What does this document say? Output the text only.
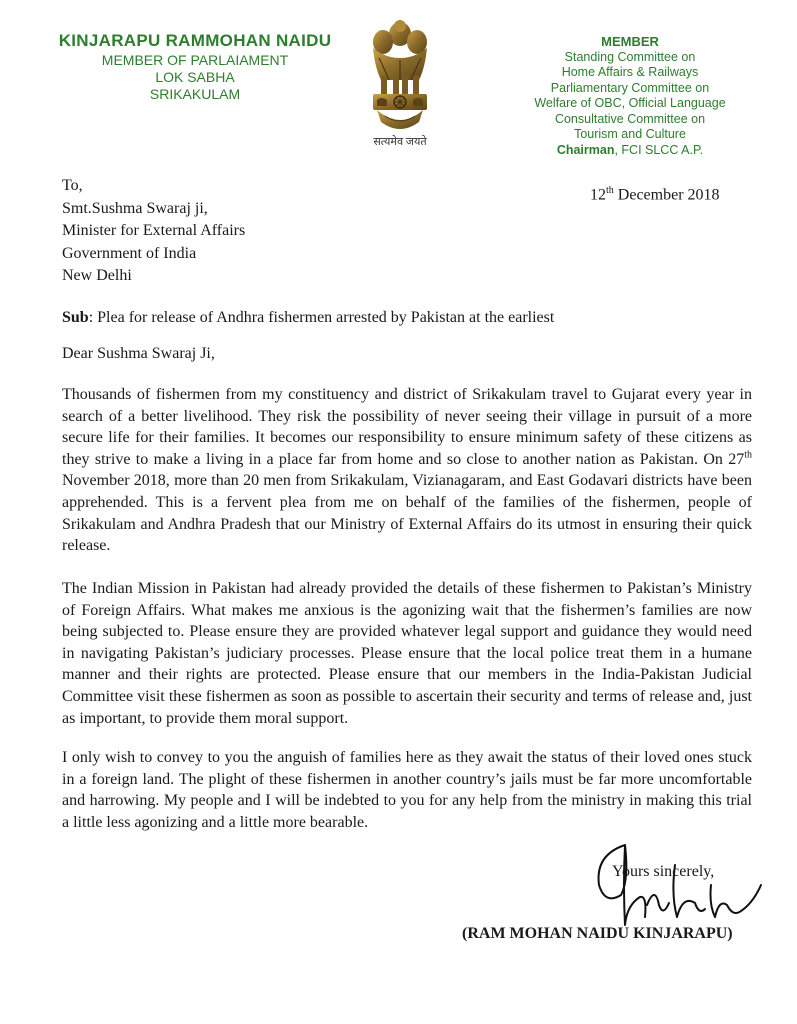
KINJARAPU RAMMOHAN NAIDU
MEMBER OF PARLAIAMENT
LOK SABHA
SRIKAKULAM
सत्यमेव जयते
MEMBER
Standing Committee on
Home Affairs & Railways
Parliamentary Committee on
Welfare of OBC, Official Language
Consultative Committee on
Tourism and Culture
Chairman, FCI SLCC A.P.
12th December 2018
To,
Smt.Sushma Swaraj ji,
Minister for External Affairs
Government of India
New Delhi
Sub: Plea for release of Andhra fishermen arrested by Pakistan at the earliest
Dear Sushma Swaraj Ji,
Thousands of fishermen from my constituency and district of Srikakulam travel to Gujarat every year in search of a better livelihood. They risk the possibility of never seeing their village in pursuit of a more secure life for their families. It becomes our responsibility to ensure minimum safety of these citizens as they strive to make a living in a place far from home and so close to another nation as Pakistan. On 27th November 2018, more than 20 men from Srikakulam, Vizianagaram, and East Godavari districts have been apprehended. This is a fervent plea from me on behalf of the families of the fishermen, people of Srikakulam and Andhra Pradesh that our Ministry of External Affairs do its utmost in ensuring their quick release.
The Indian Mission in Pakistan had already provided the details of these fishermen to Pakistan’s Ministry of Foreign Affairs. What makes me anxious is the agonizing wait that the fishermen’s families are now being subjected to. Please ensure they are provided whatever legal support and guidance they would need in navigating Pakistan’s judiciary processes. Please ensure that the local police treat them in a humane manner and their rights are protected. Please ensure that our members in the India-Pakistan Judicial Committee visit these fishermen as soon as possible to ascertain their security and terms of release and, just as important, to provide them moral support.
I only wish to convey to you the anguish of families here as they await the status of their loved ones stuck in a foreign land. The plight of these fishermen in another country’s jails must be far more uncomfortable and harrowing. My people and I will be indebted to you for any help from the ministry in making this trial a little less agonizing and a little more bearable.
Yours sincerely,
(RAM MOHAN NAIDU KINJARAPU)
